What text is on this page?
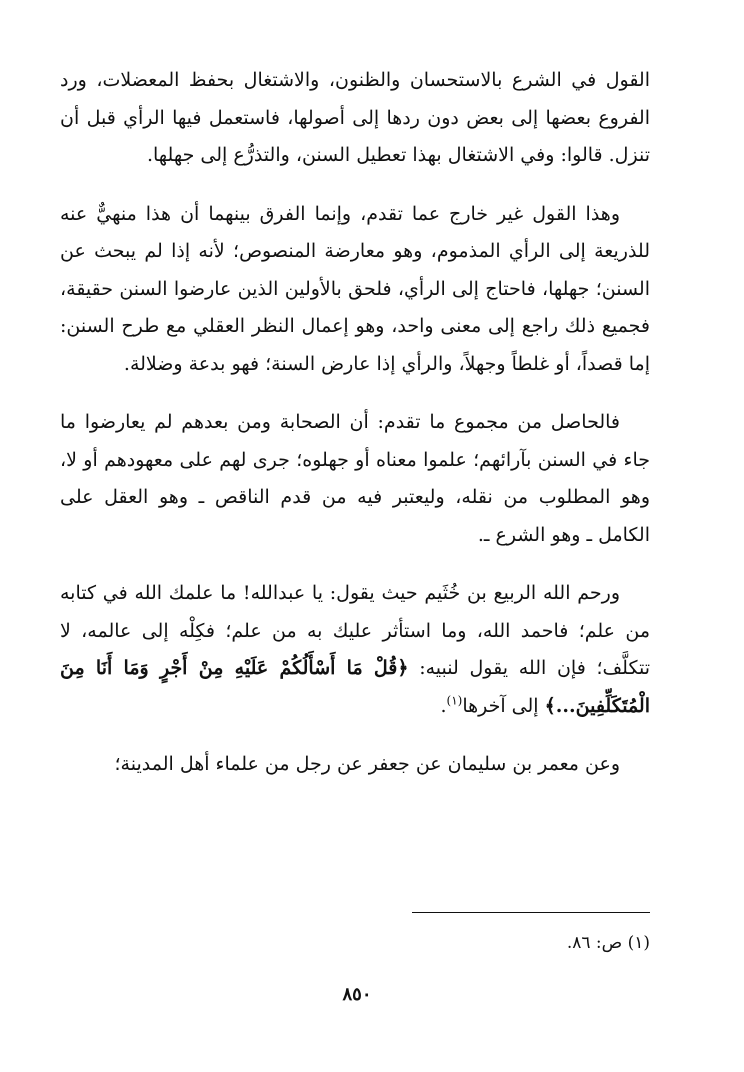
القول في الشرع بالاستحسان والظنون، والاشتغال بحفظ المعضلات، ورد الفروع بعضها إلى بعض دون ردها إلى أصولها، فاستعمل فيها الرأي قبل أن تنزل. قالوا: وفي الاشتغال بهذا تعطيل السنن، والتذرُّع إلى جهلها.

وهذا القول غير خارج عما تقدم، وإنما الفرق بينهما أن هذا منهيٌّ عنه للذريعة إلى الرأي المذموم، وهو معارضة المنصوص؛ لأنه إذا لم يبحث عن السنن؛ جهلها، فاحتاج إلى الرأي، فلحق بالأولين الذين عارضوا السنن حقيقة، فجميع ذلك راجع إلى معنى واحد، وهو إعمال النظر العقلي مع طرح السنن: إما قصداً، أو غلطاً وجهلاً، والرأي إذا عارض السنة؛ فهو بدعة وضلالة.

فالحاصل من مجموع ما تقدم: أن الصحابة ومن بعدهم لم يعارضوا ما جاء في السنن بآرائهم؛ علموا معناه أو جهلوه؛ جرى لهم على معهودهم أو لا، وهو المطلوب من نقله، وليعتبر فيه من قدم الناقص ـ وهو العقل على الكامل ـ وهو الشرع ـ.

ورحم الله الربيع بن خُثَيم حيث يقول: يا عبدالله! ما علمك الله في كتابه من علم؛ فاحمد الله، وما استأثر عليك به من علم؛ فكِلْه إلى عالمه، لا تتكلَّف؛ فإن الله يقول لنبيه: ﴿قُلْ مَا أَسْأَلُكُمْ عَلَيْهِ مِنْ أَجْرٍ وَمَا أَنَا مِنَ الْمُتَكَلِّفِينَ...﴾ إلى آخرها$^{(١)}$.

وعن معمر بن سليمان عن جعفر عن رجل من علماء أهل المدينة؛

(١) ص: ٨٦.
٨٥٠
